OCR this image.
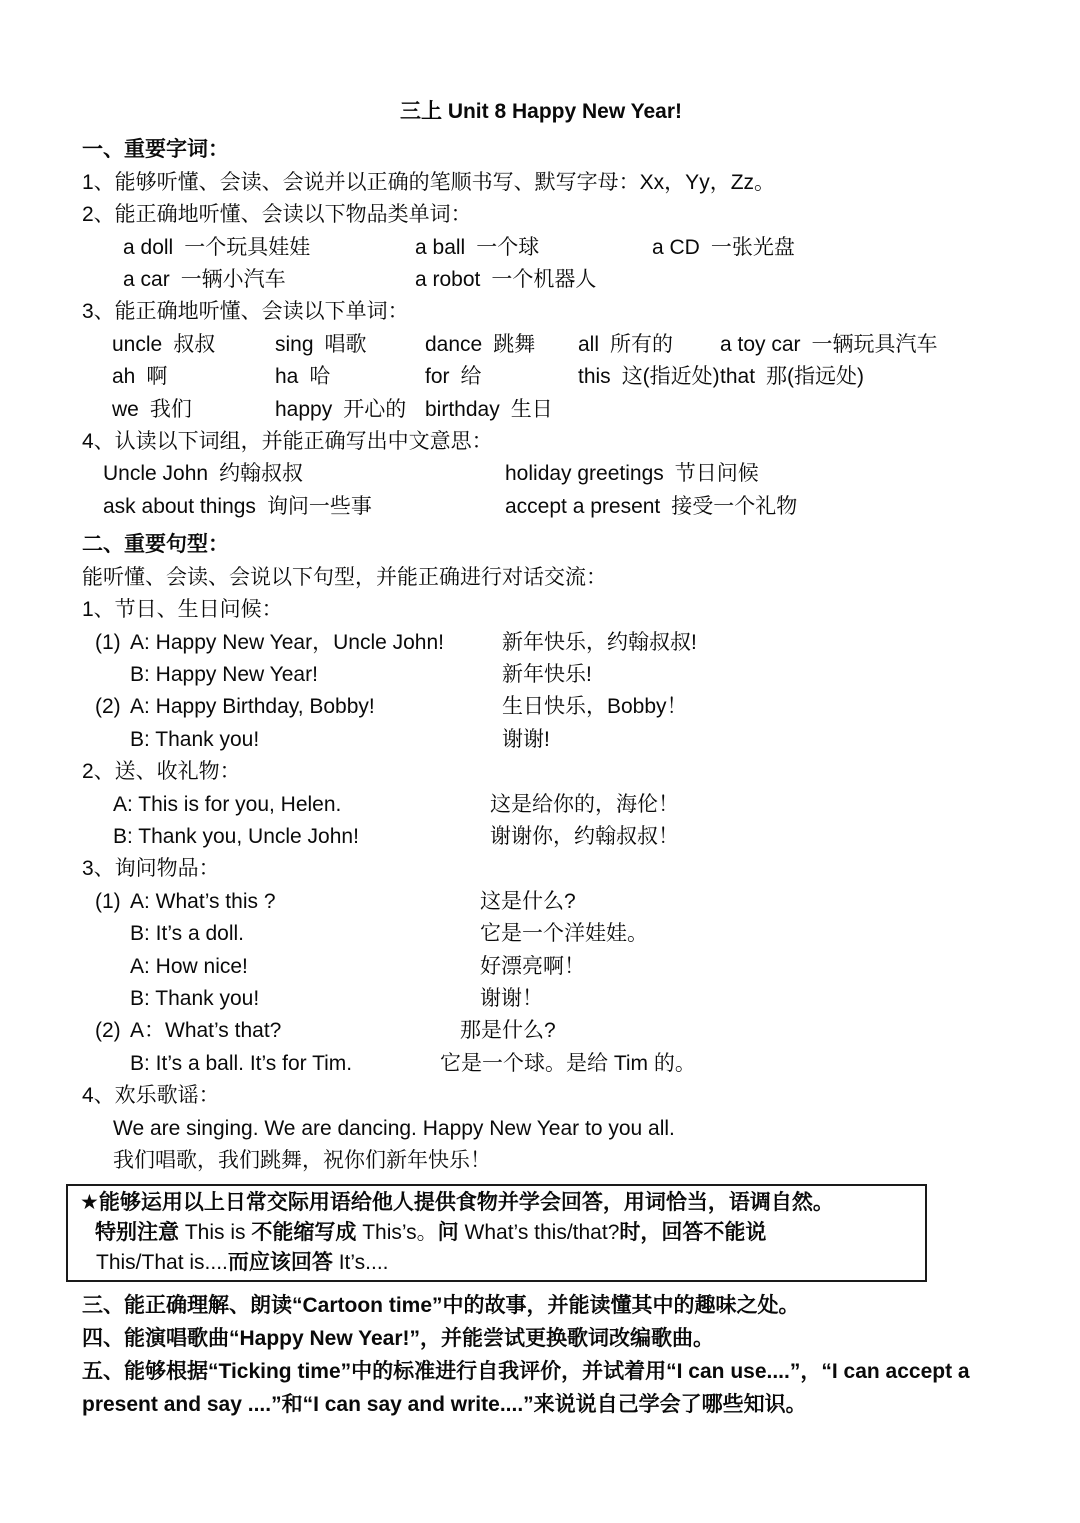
三上 Unit 8 Happy New Year!
一、重要字词：
1、能够听懂、会读、会说并以正确的笔顺书写、默写字母：Xx，Yy，Zz。
2、能正确地听懂、会读以下物品类单词：
a doll 一个玩具娃娃	a ball 一个球	a CD 一张光盘
a car 一辆小汽车	a robot 一个机器人
3、能正确地听懂、会读以下单词：
uncle 叔叔	sing 唱歌	dance 跳舞	all 所有的	a toy car 一辆玩具汽车
ah 啊	ha 哈	for 给	this 这(指近处) that 那(指远处)
we 我们	happy 开心的 birthday 生日
4、认读以下词组，并能正确写出中文意思：
Uncle John 约翰叔叔	holiday greetings 节日问候
ask about things 询问一些事	accept a present 接受一个礼物
二、重要句型：
能听懂、会读、会说以下句型，并能正确进行对话交流：
1、节日、生日问候：
(1) A: Happy New Year，Uncle John!	新年快乐，约翰叔叔!
B: Happy New Year!	新年快乐!
(2) A: Happy Birthday, Bobby!	生日快乐，Bobby！
B: Thank you!	谢谢!
2、送、收礼物：
A: This is for you, Helen.	这是给你的，海伦！
B: Thank you, Uncle John!	谢谢你，约翰叔叔！
3、询问物品：
(1) A: What’s this ?	这是什么?
B: It’s a doll.	它是一个洋娃娃。
A: How nice!	好漂亮啊！
B: Thank you!	谢谢！
(2) A：What’s that?	那是什么?
B: It’s a ball. It’s for Tim.	它是一个球。是给 Tim 的。
4、欢乐歌谣：
We are singing. We are dancing. Happy New Year to you all.
我们唱歌，我们跳舞，祝你们新年快乐！
★能够运用以上日常交际用语给他人提供食物并学会回答，用词恰当，语调自然。
特别注意 This is 不能缩写成 This’s。问 What’s this/that?时，回答不能说
This/That is....而应该回答 It’s....
三、能正确理解、朗读“Cartoon time”中的故事，并能读懂其中的趣味之处。
四、能演唱歌曲“Happy New Year!”，并能尝试更换歌词改编歌曲。
五、能够根据“Ticking time”中的标准进行自我评价，并试着用“I can use....”，“I can accept a present and say ....”和“I can say and write....”来说说自己学会了哪些知识。
